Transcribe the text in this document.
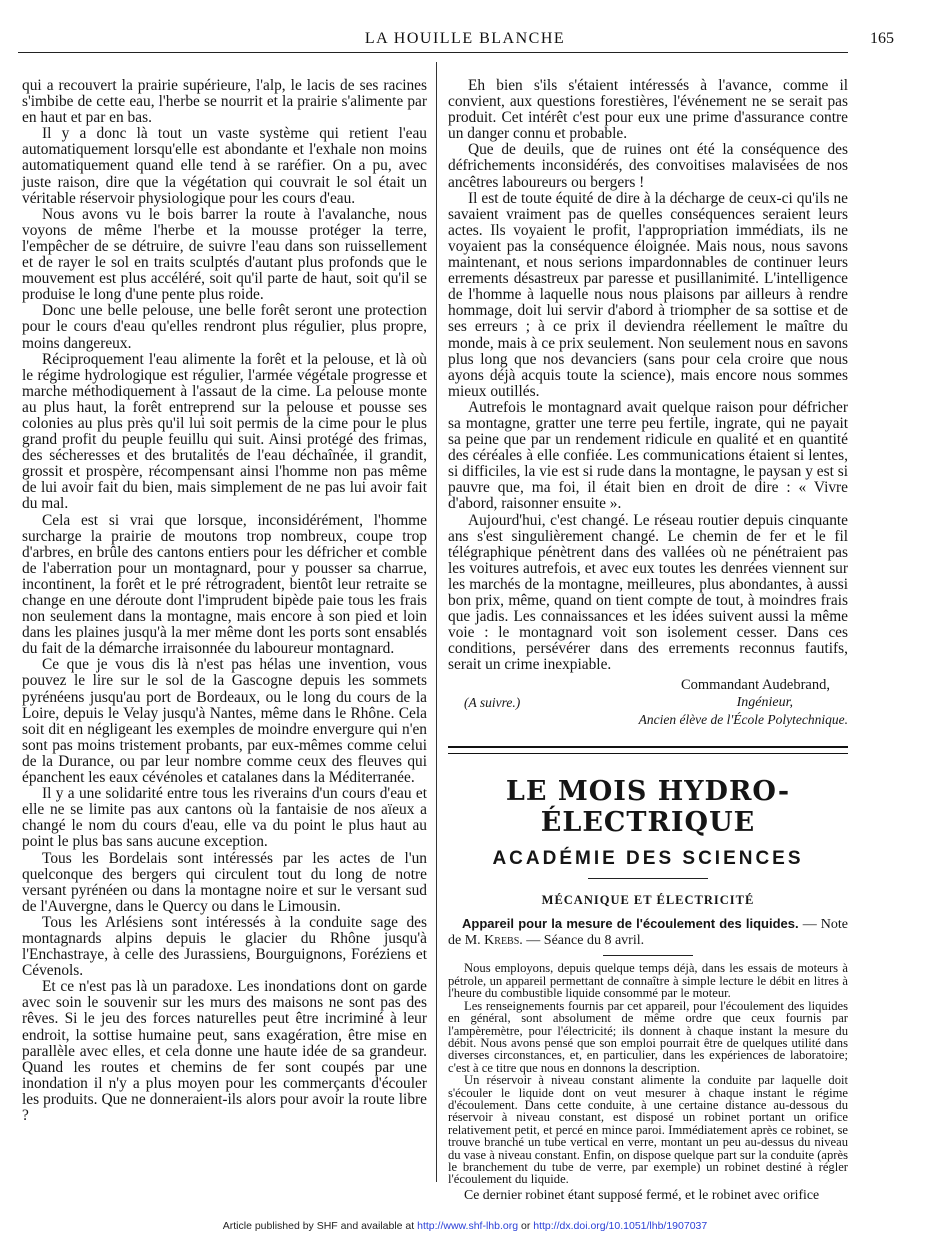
LA HOUILLE BLANCHE	165

qui a recouvert la prairie supérieure, l'alp, le lacis de ses racines s'imbibe de cette eau, l'herbe se nourrit et la prairie s'alimente par en haut et par en bas.

Il y a donc là tout un vaste système qui retient l'eau automatiquement lorsqu'elle est abondante et l'exhale non moins automatiquement quand elle tend à se raréfier. On a pu, avec juste raison, dire que la végétation qui couvrait le sol était un véritable réservoir physiologique pour les cours d'eau.

Nous avons vu le bois barrer la route à l'avalanche, nous voyons de même l'herbe et la mousse protéger la terre, l'empêcher de se détruire, de suivre l'eau dans son ruissellement et de rayer le sol en traits sculptés d'autant plus profonds que le mouvement est plus accéléré, soit qu'il parte de haut, soit qu'il se produise le long d'une pente plus roide.

Donc une belle pelouse, une belle forêt seront une protection pour le cours d'eau qu'elles rendront plus régulier, plus propre, moins dangereux.

Réciproquement l'eau alimente la forêt et la pelouse, et là où le régime hydrologique est régulier, l'armée végétale progresse et marche méthodiquement à l'assaut de la cime. La pelouse monte au plus haut, la forêt entreprend sur la pelouse et pousse ses colonies au plus près qu'il lui soit permis de la cime pour le plus grand profit du peuple feuillu qui suit. Ainsi protégé des frimas, des sécheresses et des brutalités de l'eau déchaînée, il grandit, grossit et prospère, récompensant ainsi l'homme non pas même de lui avoir fait du bien, mais simplement de ne pas lui avoir fait du mal.

Cela est si vrai que lorsque, inconsidérément, l'homme surcharge la prairie de moutons trop nombreux, coupe trop d'arbres, en brûle des cantons entiers pour les défricher et comble de l'aberration pour un montagnard, pour y pousser sa charrue, incontinent, la forêt et le pré rétrogradent, bientôt leur retraite se change en une déroute dont l'imprudent bipède paie tous les frais non seulement dans la montagne, mais encore à son pied et loin dans les plaines jusqu'à la mer même dont les ports sont ensablés du fait de la démarche irraisonnée du laboureur montagnard.

Ce que je vous dis là n'est pas hélas une invention, vous pouvez le lire sur le sol de la Gascogne depuis les sommets pyrénéens jusqu'au port de Bordeaux, ou le long du cours de la Loire, depuis le Velay jusqu'à Nantes, même dans le Rhône. Cela soit dit en négligeant les exemples de moindre envergure qui n'en sont pas moins tristement probants, par eux-mêmes comme celui de la Durance, ou par leur nombre comme ceux des fleuves qui épanchent les eaux cévénoles et catalanes dans la Méditerranée.

Il y a une solidarité entre tous les riverains d'un cours d'eau et elle ne se limite pas aux cantons où la fantaisie de nos aïeux a changé le nom du cours d'eau, elle va du point le plus haut au point le plus bas sans aucune exception.

Tous les Bordelais sont intéressés par les actes de l'un quelconque des bergers qui circulent tout du long de notre versant pyrénéen ou dans la montagne noire et sur le versant sud de l'Auvergne, dans le Quercy ou dans le Limousin.

Tous les Arlésiens sont intéressés à la conduite sage des montagnards alpins depuis le glacier du Rhône jusqu'à l'Enchastraye, à celle des Jurassiens, Bourguignons, Foréziens et Cévenols.

Et ce n'est pas là un paradoxe. Les inondations dont on garde avec soin le souvenir sur les murs des maisons ne sont pas des rêves. Si le jeu des forces naturelles peut être incriminé à leur endroit, la sottise humaine peut, sans exagération, être mise en parallèle avec elles, et cela donne une haute idée de sa grandeur. Quand les routes et chemins de fer sont coupés par une inondation il n'y a plus moyen pour les commerçants d'écouler les produits. Que ne donneraient-ils alors pour avoir la route libre ?

Eh bien s'ils s'étaient intéressés à l'avance, comme il convient, aux questions forestières, l'événement ne se serait pas produit. Cet intérêt c'est pour eux une prime d'assurance contre un danger connu et probable.

Que de deuils, que de ruines ont été la conséquence des défrichements inconsidérés, des convoitises malavisées de nos ancêtres laboureurs ou bergers !

Il est de toute équité de dire à la décharge de ceux-ci qu'ils ne savaient vraiment pas de quelles conséquences seraient leurs actes. Ils voyaient le profit, l'appropriation immédiats, ils ne voyaient pas la conséquence éloignée. Mais nous, nous savons maintenant, et nous serions impardonnables de continuer leurs errements désastreux par paresse et pusillanimité. L'intelligence de l'homme à laquelle nous nous plaisons par ailleurs à rendre hommage, doit lui servir d'abord à triompher de sa sottise et de ses erreurs ; à ce prix il deviendra réellement le maître du monde, mais à ce prix seulement. Non seulement nous en savons plus long que nos devanciers (sans pour cela croire que nous ayons déjà acquis toute la science), mais encore nous sommes mieux outillés.

Autrefois le montagnard avait quelque raison pour défricher sa montagne, gratter une terre peu fertile, ingrate, qui ne payait sa peine que par un rendement ridicule en qualité et en quantité des céréales à elle confiée. Les communications étaient si lentes, si difficiles, la vie est si rude dans la montagne, le paysan y est si pauvre que, ma foi, il était bien en droit de dire : « Vivre d'abord, raisonner ensuite ».

Aujourd'hui, c'est changé. Le réseau routier depuis cinquante ans s'est singulièrement changé. Le chemin de fer et le fil télégraphique pénètrent dans des vallées où ne pénétraient pas les voitures autrefois, et avec eux toutes les denrées viennent sur les marchés de la montagne, meilleures, plus abondantes, à aussi bon prix, même, quand on tient compte de tout, à moindres frais que jadis. Les connaissances et les idées suivent aussi la même voie : le montagnard voit son isolement cesser. Dans ces conditions, persévérer dans des errements reconnus fautifs, serait un crime inexpiable.

Commandant Audebrand,
(A suivre.)	Ingénieur,
Ancien élève de l'École Polytechnique.
LE MOIS HYDRO-ÉLECTRIQUE
ACADÉMIE DES SCIENCES
MÉCANIQUE ET ÉLECTRICITÉ
Appareil pour la mesure de l'écoulement des liquides. — Note de M. Krebs. — Séance du 8 avril.

Nous employons, depuis quelque temps déjà, dans les essais de moteurs à pétrole, un appareil permettant de connaître à simple lecture le débit en litres à l'heure du combustible liquide consommé par le moteur.

Les renseignements fournis par cet appareil, pour l'écoulement des liquides en général, sont absolument de même ordre que ceux fournis par l'ampèremètre, pour l'électricité; ils donnent à chaque instant la mesure du débit. Nous avons pensé que son emploi pourrait être de quelques utilité dans diverses circonstances, et, en particulier, dans les expériences de laboratoire; c'est à ce titre que nous en donnons la description.

Un réservoir à niveau constant alimente la conduite par laquelle doit s'écouler le liquide dont on veut mesurer à chaque instant le régime d'écoulement. Dans cette conduite, à une certaine distance au-dessous du réservoir à niveau constant, est disposé un robinet portant un orifice relativement petit, et percé en mince paroi. Immédiatement après ce robinet, se trouve branché un tube vertical en verre, montant un peu au-dessus du niveau du vase à niveau constant. Enfin, on dispose quelque part sur la conduite (après le branchement du tube de verre, par exemple) un robinet destiné à régler l'écoulement du liquide.

Ce dernier robinet étant supposé fermé, et le robinet avec orifice

Article published by SHF and available at http://www.shf-lhb.org or http://dx.doi.org/10.1051/lhb/1907037
